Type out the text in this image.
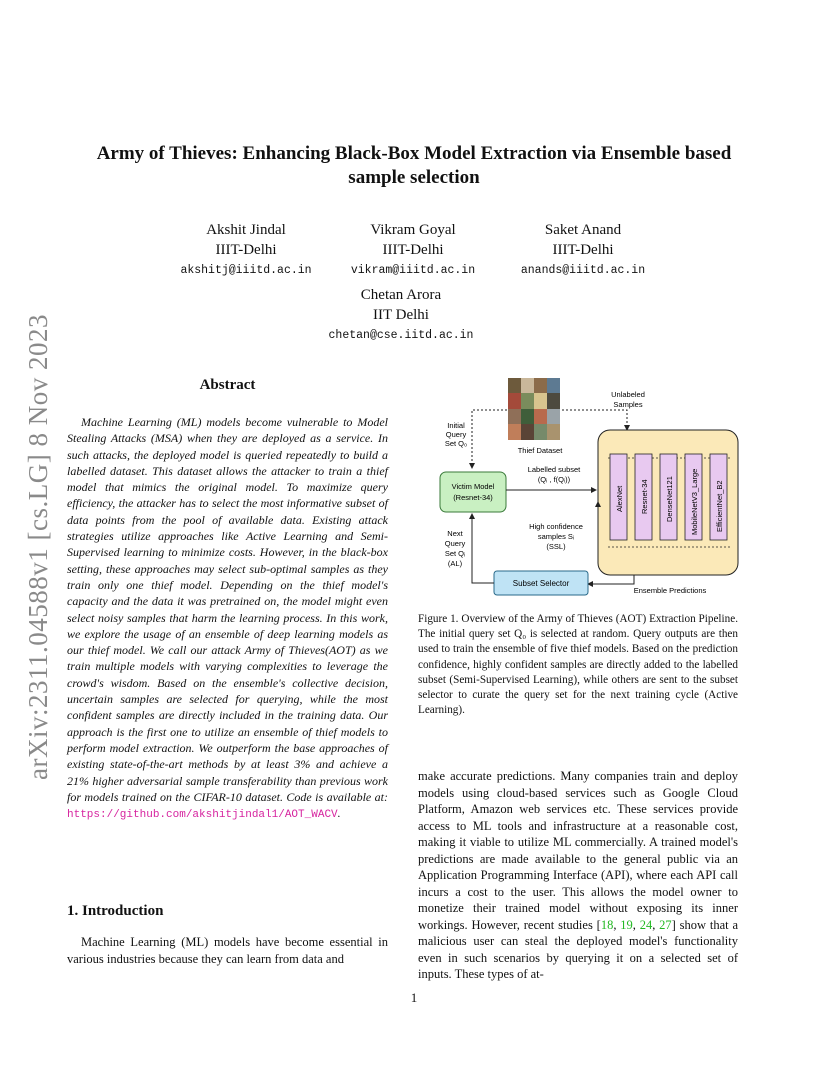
arXiv:2311.04588v1 [cs.LG] 8 Nov 2023
Army of Thieves: Enhancing Black-Box Model Extraction via Ensemble based
sample selection
Akshit Jindal
IIIT-Delhi
akshitj@iiitd.ac.in
Vikram Goyal
IIIT-Delhi
vikram@iiitd.ac.in
Saket Anand
IIIT-Delhi
anands@iiitd.ac.in
Chetan Arora
IIT Delhi
chetan@cse.iitd.ac.in
Abstract
Machine Learning (ML) models become vulnerable to Model Stealing Attacks (MSA) when they are deployed as a service. In such attacks, the deployed model is queried repeatedly to build a labelled dataset. This dataset allows the attacker to train a thief model that mimics the original model. To maximize query efficiency, the attacker has to select the most informative subset of data points from the pool of available data. Existing attack strategies utilize approaches like Active Learning and Semi-Supervised learning to minimize costs. However, in the black-box setting, these approaches may select sub-optimal samples as they train only one thief model. Depending on the thief model's capacity and the data it was pretrained on, the model might even select noisy samples that harm the learning process. In this work, we explore the usage of an ensemble of deep learning models as our thief model. We call our attack Army of Thieves(AOT) as we train multiple models with varying complexities to leverage the crowd's wisdom. Based on the ensemble's collective decision, uncertain samples are selected for querying, while the most confident samples are directly included in the training data. Our approach is the first one to utilize an ensemble of thief models to perform model extraction. We outperform the base approaches of existing state-of-the-art methods by at least 3% and achieve a 21% higher adversarial sample transferability than previous work for models trained on the CIFAR-10 dataset. Code is available at: https://github.com/akshitjindal1/AOT_WACV.
1. Introduction
Machine Learning (ML) models have become essential in various industries because they can learn from data and
Thief Dataset
Unlabeled Samples
Initial Query Set Q₀
Victim Model
(Resnet-34)
Labelled subset
(Qᵢ , f(Qᵢ))
AlexNet Resnet-34 DenseNet121 MobileNetV3_Large EfficientNet_B2
High confidence samples Sᵢ (SSL)
Ensemble Predictions
Subset Selector
Next Query Set Qᵢ (AL)
Figure 1. Overview of the Army of Thieves (AOT) Extraction Pipeline. The initial query set Q₀ is selected at random. Query outputs are then used to train the ensemble of five thief models. Based on the prediction confidence, highly confident samples are directly added to the labelled subset (Semi-Supervised Learning), while others are sent to the subset selector to curate the query set for the next training cycle (Active Learning).
make accurate predictions. Many companies train and deploy models using cloud-based services such as Google Cloud Platform, Amazon web services etc. These services provide access to ML tools and infrastructure at a reasonable cost, making it viable to utilize ML commercially. A trained model's predictions are made available to the general public via an Application Programming Interface (API), where each API call incurs a cost to the user. This allows the model owner to monetize their trained model without exposing its inner workings. However, recent studies [18, 19, 24, 27] show that a malicious user can steal the deployed model's functionality even in such scenarios by querying it on a selected set of inputs. These types of at-
1
